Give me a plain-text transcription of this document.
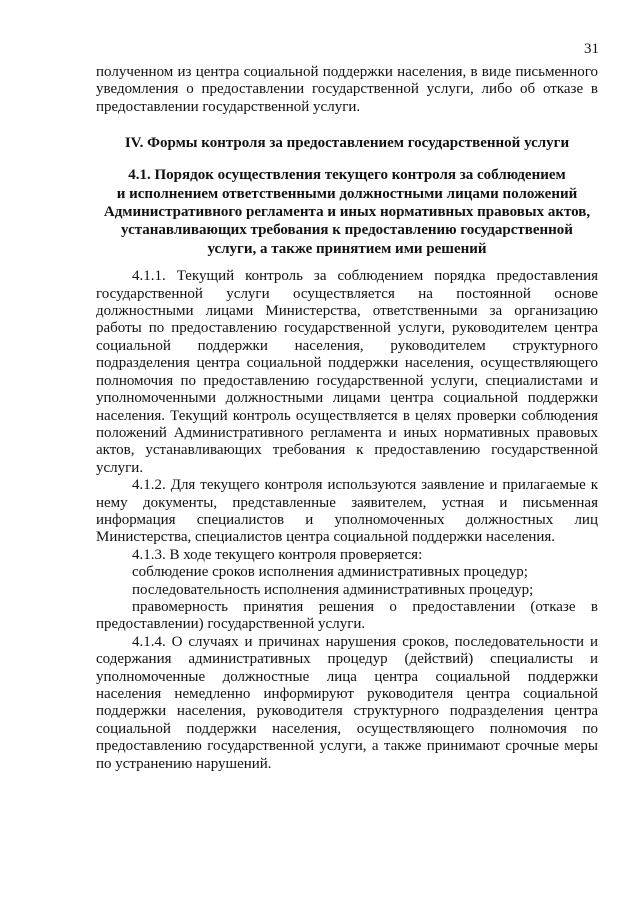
31

полученном из центра социальной поддержки населения, в виде письменного уведомления о предоставлении государственной услуги, либо об отказе в предоставлении государственной услуги.

IV. Формы контроля за предоставлением государственной услуги
4.1. Порядок осуществления текущего контроля за соблюдением
и исполнением ответственными должностными лицами положений
Административного регламента и иных нормативных правовых актов,
устанавливающих требования к предоставлению государственной
услуги, а также принятием ими решений

4.1.1. Текущий контроль за соблюдением порядка предоставления государственной услуги осуществляется на постоянной основе должностными лицами Министерства, ответственными за организацию работы по предоставлению государственной услуги, руководителем центра социальной поддержки населения, руководителем структурного подразделения центра социальной поддержки населения, осуществляющего полномочия по предоставлению государственной услуги, специалистами и уполномоченными должностными лицами центра социальной поддержки населения. Текущий контроль осуществляется в целях проверки соблюдения положений Административного регламента и иных нормативных правовых актов, устанавливающих требования к предоставлению государственной услуги.

4.1.2. Для текущего контроля используются заявление и прилагаемые к нему документы, представленные заявителем, устная и письменная информация специалистов и уполномоченных должностных лиц Министерства, специалистов центра социальной поддержки населения.

4.1.3. В ходе текущего контроля проверяется:

соблюдение сроков исполнения административных процедур;

последовательность исполнения административных процедур;

правомерность принятия решения о предоставлении (отказе в предоставлении) государственной услуги.

4.1.4. О случаях и причинах нарушения сроков, последовательности и содержания административных процедур (действий) специалисты и уполномоченные должностные лица центра социальной поддержки населения немедленно информируют руководителя центра социальной поддержки населения, руководителя структурного подразделения центра социальной поддержки населения, осуществляющего полномочия по предоставлению государственной услуги, а также принимают срочные меры по устранению нарушений.
